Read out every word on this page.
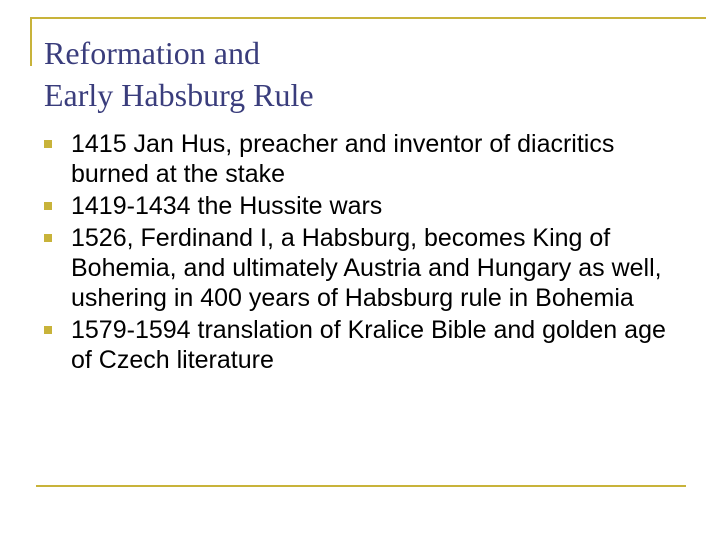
Reformation and
Early Habsburg Rule
1415 Jan Hus, preacher and inventor of diacritics burned at the stake
1419-1434 the Hussite wars
1526, Ferdinand I, a Habsburg, becomes King of Bohemia, and ultimately Austria and Hungary as well, ushering in 400 years of Habsburg rule in Bohemia
1579-1594 translation of Kralice Bible and golden age of Czech literature
